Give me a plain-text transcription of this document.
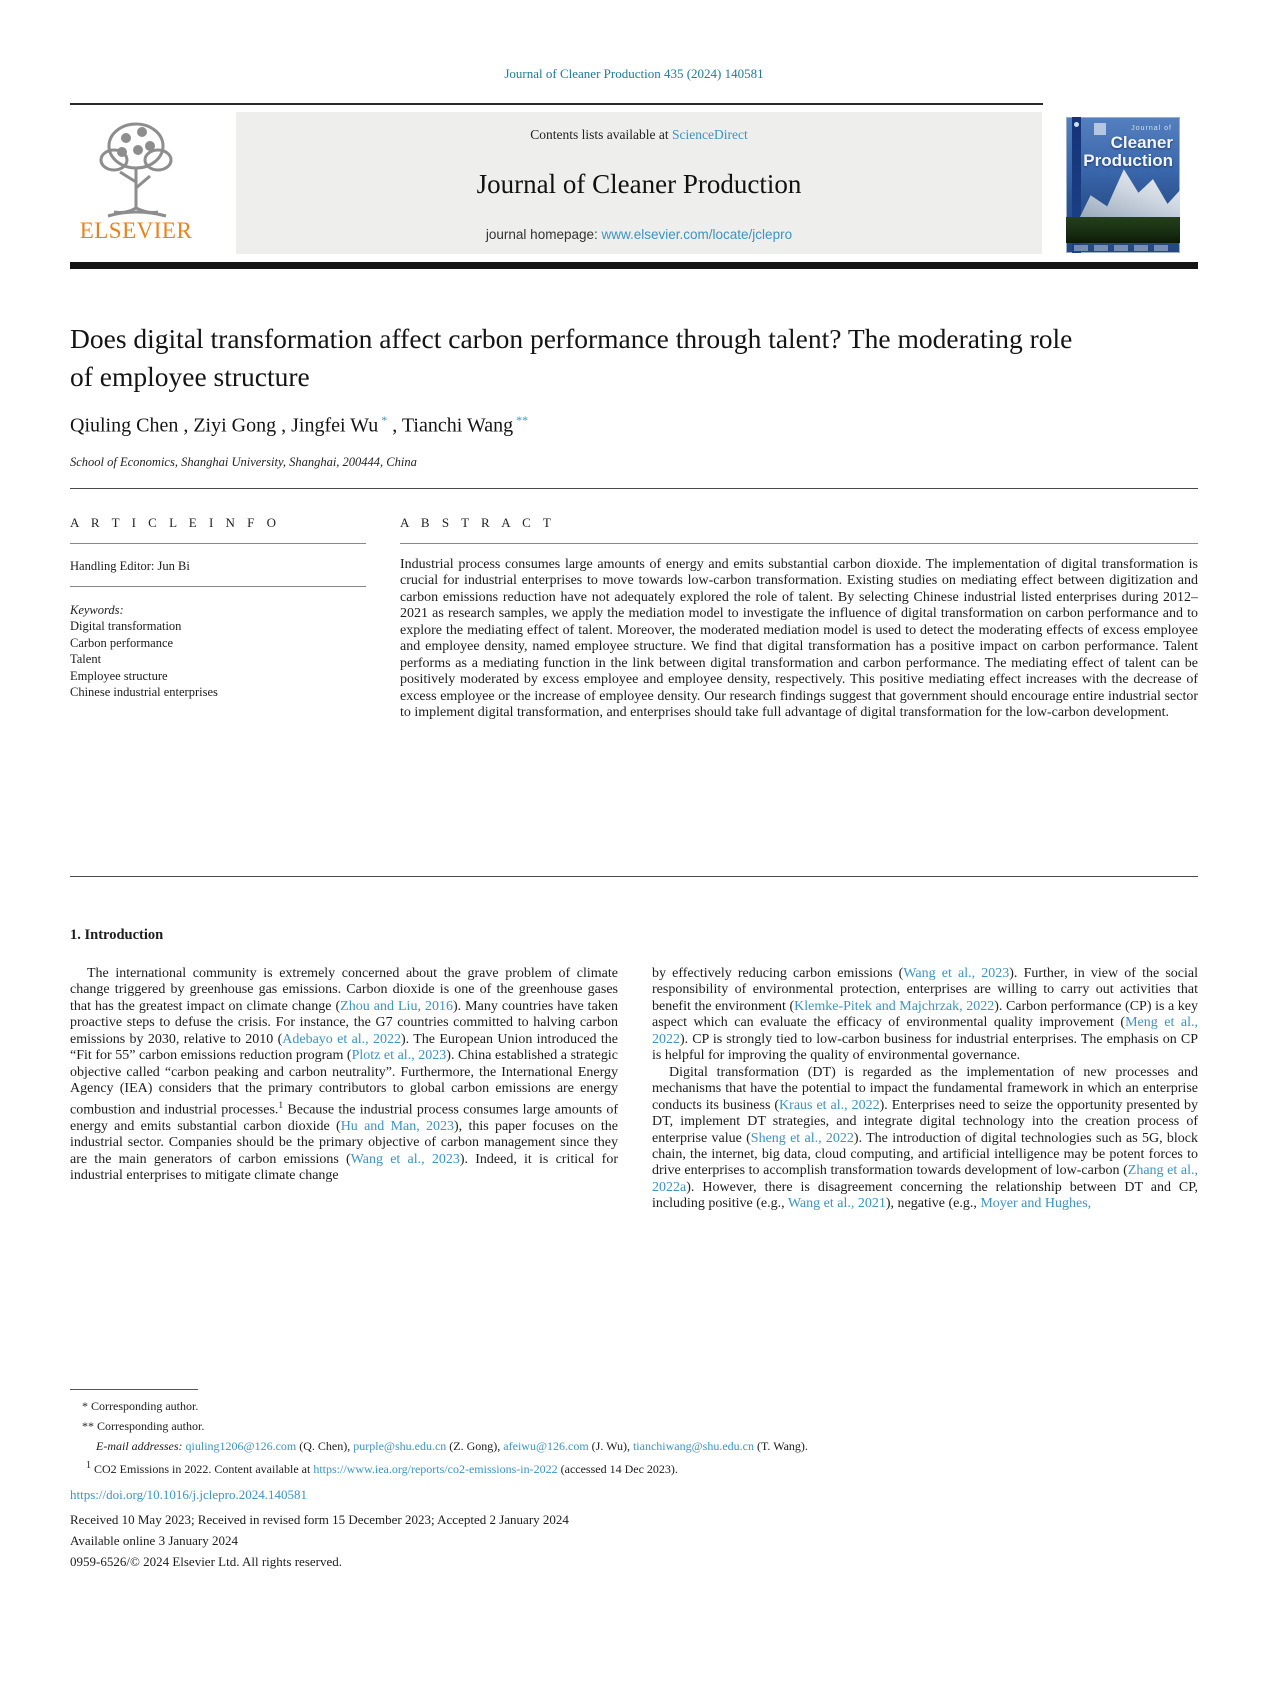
Journal of Cleaner Production 435 (2024) 140581
ELSEVIER
Contents lists available at ScienceDirect
Journal of Cleaner Production
journal homepage: www.elsevier.com/locate/jclepro
Journal of
Cleaner
Production
Does digital transformation affect carbon performance through talent? The moderating role of employee structure
Qiuling Chen , Ziyi Gong , Jingfei Wu * , Tianchi Wang **
School of Economics, Shanghai University, Shanghai, 200444, China
A R T I C L E I N F O
Handling Editor: Jun Bi
Keywords:
Digital transformation
Carbon performance
Talent
Employee structure
Chinese industrial enterprises
A B S T R A C T
Industrial process consumes large amounts of energy and emits substantial carbon dioxide. The implementation of digital transformation is crucial for industrial enterprises to move towards low-carbon transformation. Existing studies on mediating effect between digitization and carbon emissions reduction have not adequately explored the role of talent. By selecting Chinese industrial listed enterprises during 2012–2021 as research samples, we apply the mediation model to investigate the influence of digital transformation on carbon performance and to explore the mediating effect of talent. Moreover, the moderated mediation model is used to detect the moderating effects of excess employee and employee density, named employee structure. We find that digital transformation has a positive impact on carbon performance. Talent performs as a mediating function in the link between digital transformation and carbon performance. The mediating effect of talent can be positively moderated by excess employee and employee density, respectively. This positive mediating effect increases with the decrease of excess employee or the increase of employee density. Our research findings suggest that government should encourage entire industrial sector to implement digital transformation, and enterprises should take full advantage of digital transformation for the low-carbon development.
1. Introduction

The international community is extremely concerned about the grave problem of climate change triggered by greenhouse gas emissions. Carbon dioxide is one of the greenhouse gases that has the greatest impact on climate change (Zhou and Liu, 2016). Many countries have taken proactive steps to defuse the crisis. For instance, the G7 countries committed to halving carbon emissions by 2030, relative to 2010 (Adebayo et al., 2022). The European Union introduced the “Fit for 55” carbon emissions reduction program (Plotz et al., 2023). China established a strategic objective called “carbon peaking and carbon neutrality”. Furthermore, the International Energy Agency (IEA) considers that the primary contributors to global carbon emissions are energy combustion and industrial processes.$^1$ Because the industrial process consumes large amounts of energy and emits substantial carbon dioxide (Hu and Man, 2023), this paper focuses on the industrial sector. Companies should be the primary objective of carbon management since they are the main generators of carbon emissions (Wang et al., 2023). Indeed, it is critical for industrial enterprises to mitigate climate change

by effectively reducing carbon emissions (Wang et al., 2023). Further, in view of the social responsibility of environmental protection, enterprises are willing to carry out activities that benefit the environment (Klemke-Pitek and Majchrzak, 2022). Carbon performance (CP) is a key aspect which can evaluate the efficacy of environmental quality improvement (Meng et al., 2022). CP is strongly tied to low-carbon business for industrial enterprises. The emphasis on CP is helpful for improving the quality of environmental governance.

Digital transformation (DT) is regarded as the implementation of new processes and mechanisms that have the potential to impact the fundamental framework in which an enterprise conducts its business (Kraus et al., 2022). Enterprises need to seize the opportunity presented by DT, implement DT strategies, and integrate digital technology into the creation process of enterprise value (Sheng et al., 2022). The introduction of digital technologies such as 5G, block chain, the internet, big data, cloud computing, and artificial intelligence may be potent forces to drive enterprises to accomplish transformation towards development of low-carbon (Zhang et al., 2022a). However, there is disagreement concerning the relationship between DT and CP, including positive (e.g., Wang et al., 2021), negative (e.g., Moyer and Hughes,

* Corresponding author.
** Corresponding author.
E-mail addresses: qiuling1206@126.com (Q. Chen), purple@shu.edu.cn (Z. Gong), afeiwu@126.com (J. Wu), tianchiwang@shu.edu.cn (T. Wang).
$^1$ CO2 Emissions in 2022. Content available at https://www.iea.org/reports/co2-emissions-in-2022 (accessed 14 Dec 2023).
https://doi.org/10.1016/j.jclepro.2024.140581
Received 10 May 2023; Received in revised form 15 December 2023; Accepted 2 January 2024
Available online 3 January 2024
0959-6526/© 2024 Elsevier Ltd. All rights reserved.
